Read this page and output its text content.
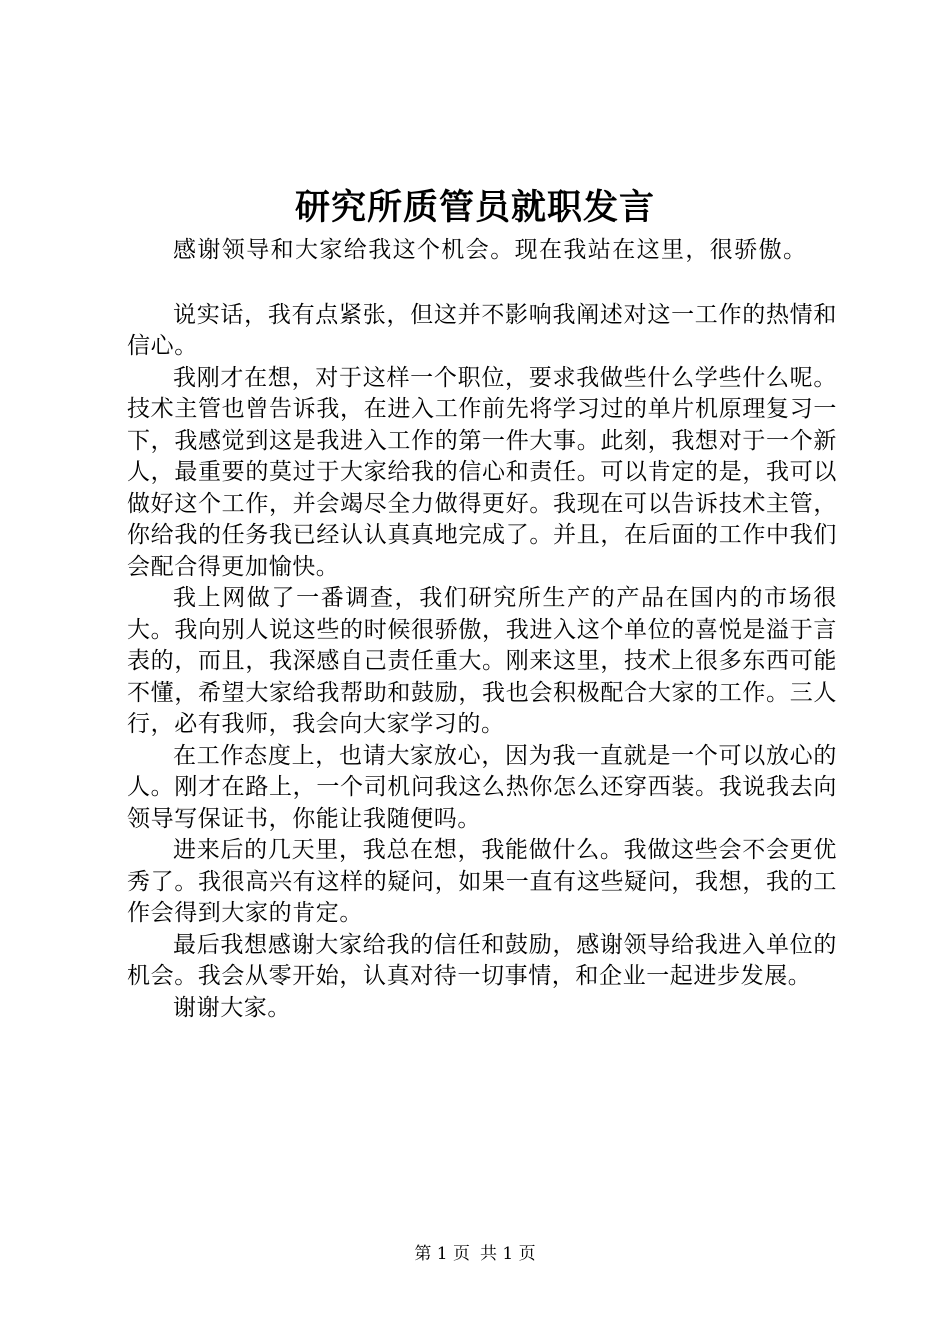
研究所质管员就职发言

感谢领导和大家给我这个机会。现在我站在这里，很骄傲。

说实话，我有点紧张，但这并不影响我阐述对这一工作的热情和信心。

我刚才在想，对于这样一个职位，要求我做些什么学些什么呢。技术主管也曾告诉我，在进入工作前先将学习过的单片机原理复习一下，我感觉到这是我进入工作的第一件大事。此刻，我想对于一个新人，最重要的莫过于大家给我的信心和责任。可以肯定的是，我可以做好这个工作，并会竭尽全力做得更好。我现在可以告诉技术主管，你给我的任务我已经认认真真地完成了。并且，在后面的工作中我们会配合得更加愉快。

我上网做了一番调查，我们研究所生产的产品在国内的市场很大。我向别人说这些的时候很骄傲，我进入这个单位的喜悦是溢于言表的，而且，我深感自己责任重大。刚来这里，技术上很多东西可能不懂，希望大家给我帮助和鼓励，我也会积极配合大家的工作。三人行，必有我师，我会向大家学习的。

在工作态度上，也请大家放心，因为我一直就是一个可以放心的人。刚才在路上，一个司机问我这么热你怎么还穿西装。我说我去向领导写保证书，你能让我随便吗。

进来后的几天里，我总在想，我能做什么。我做这些会不会更优秀了。我很高兴有这样的疑问，如果一直有这些疑问，我想，我的工作会得到大家的肯定。

最后我想感谢大家给我的信任和鼓励，感谢领导给我进入单位的机会。我会从零开始，认真对待一切事情，和企业一起进步发展。

谢谢大家。

第 1 页 共 1 页
